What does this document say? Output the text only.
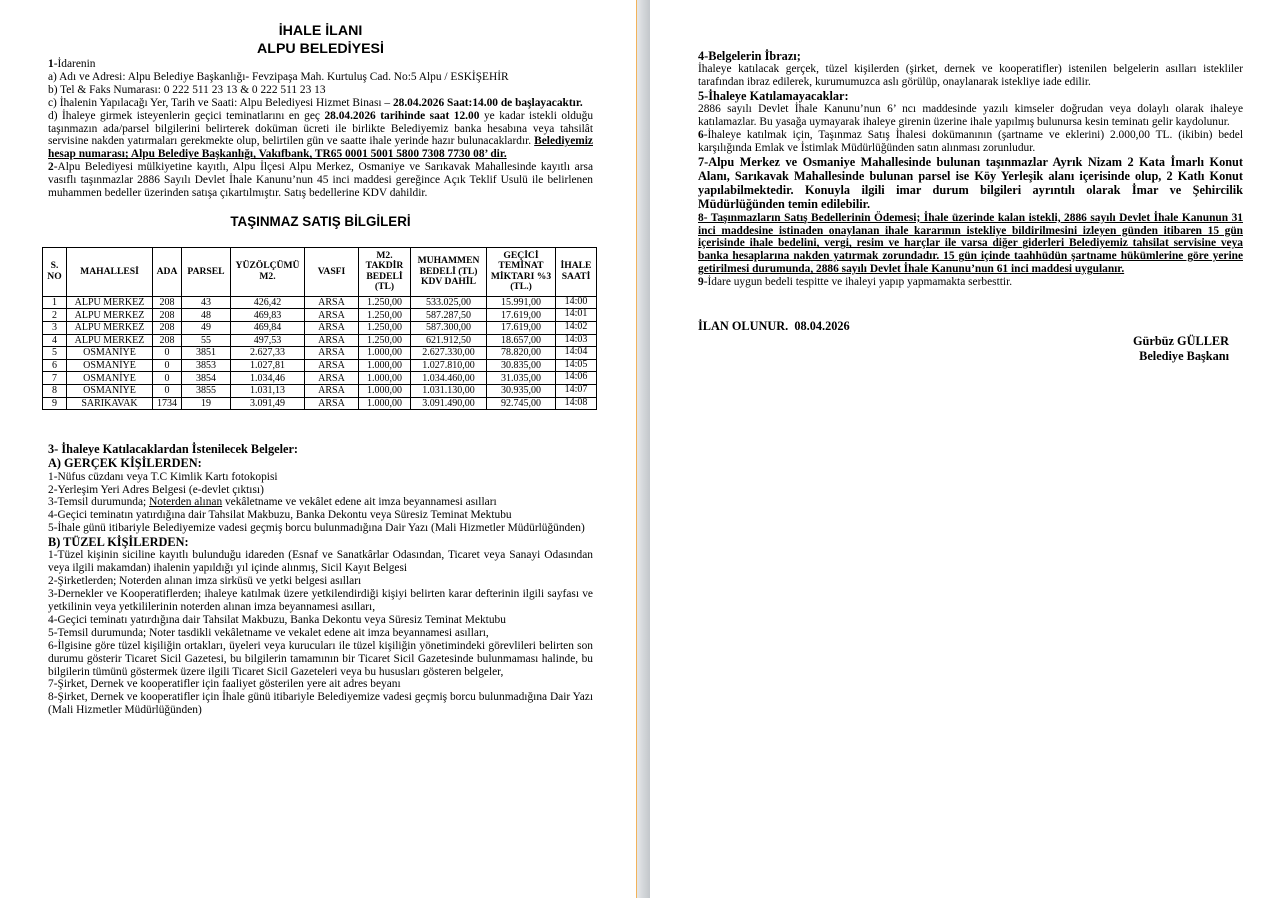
İHALE İLANI
ALPU BELEDİYESİ

1-İdarenin

a) Adı ve Adresi: Alpu Belediye Başkanlığı- Fevzipaşa Mah. Kurtuluş Cad. No:5 Alpu / ESKİŞEHİR

b) Tel & Faks Numarası: 0 222 511 23 13 & 0 222 511 23 13

c) İhalenin Yapılacağı Yer, Tarih ve Saati: Alpu Belediyesi Hizmet Binası – 28.04.2026 Saat:14.00 de başlayacaktır.

d) İhaleye girmek isteyenlerin geçici teminatlarını en geç 28.04.2026 tarihinde saat 12.00 ye kadar istekli olduğu taşınmazın ada/parsel bilgilerini belirterek doküman ücreti ile birlikte Belediyemiz banka hesabına veya tahsilât servisine nakden yatırmaları gerekmekte olup, belirtilen gün ve saatte ihale yerinde hazır bulunacaklardır. Belediyemiz hesap numarası; Alpu Belediye Başkanlığı, Vakıfbank, TR65 0001 5001 5800 7308 7730 08’ dir.

2-Alpu Belediyesi mülkiyetine kayıtlı, Alpu İlçesi Alpu Merkez, Osmaniye ve Sarıkavak Mahallesinde kayıtlı arsa vasıflı taşınmazlar 2886 Sayılı Devlet İhale Kanunu’nun 45 inci maddesi gereğince Açık Teklif Usulü ile belirlenen muhammen bedeller üzerinden satışa çıkartılmıştır. Satış bedellerine KDV dahildir.

TAŞINMAZ SATIŞ BİLGİLERİ
S. NO	MAHALLESİ	ADA	PARSEL	YÜZÖLÇÜMÜ M2.	VASFI	M2. TAKDİR BEDELİ (TL)	MUHAMMEN BEDELİ (TL) KDV DAHİL	GEÇİCİ TEMİNAT MİKTARI %3 (TL.)	İHALE SAATİ
1	ALPU MERKEZ	208	43	426,42	ARSA	1.250,00	533.025,00	15.991,00	14:00
2	ALPU MERKEZ	208	48	469,83	ARSA	1.250,00	587.287,50	17.619,00	14:01
3	ALPU MERKEZ	208	49	469,84	ARSA	1.250,00	587.300,00	17.619,00	14:02
4	ALPU MERKEZ	208	55	497,53	ARSA	1.250,00	621.912,50	18.657,00	14:03
5	OSMANİYE	0	3851	2.627,33	ARSA	1.000,00	2.627.330,00	78.820,00	14:04
6	OSMANİYE	0	3853	1.027,81	ARSA	1.000,00	1.027.810,00	30.835,00	14:05
7	OSMANİYE	0	3854	1.034,46	ARSA	1.000,00	1.034.460,00	31.035,00	14:06
8	OSMANİYE	0	3855	1.031,13	ARSA	1.000,00	1.031.130,00	30.935,00	14:07
9	SARIKAVAK	1734	19	3.091,49	ARSA	1.000,00	3.091.490,00	92.745,00	14:08

3- İhaleye Katılacaklardan İstenilecek Belgeler:

A) GERÇEK KİŞİLERDEN:

1-Nüfus cüzdanı veya T.C Kimlik Kartı fotokopisi

2-Yerleşim Yeri Adres Belgesi (e-devlet çıktısı)

3-Temsil durumunda; Noterden alınan vekâletname ve vekâlet edene ait imza beyannamesi asılları

4-Geçici teminatın yatırdığına dair Tahsilat Makbuzu, Banka Dekontu veya Süresiz Teminat Mektubu

5-İhale günü itibariyle Belediyemize vadesi geçmiş borcu bulunmadığına Dair Yazı (Mali Hizmetler Müdürlüğünden)

B) TÜZEL KİŞİLERDEN:

1-Tüzel kişinin siciline kayıtlı bulunduğu idareden (Esnaf ve Sanatkârlar Odasından, Ticaret veya Sanayi Odasından veya ilgili makamdan) ihalenin yapıldığı yıl içinde alınmış, Sicil Kayıt Belgesi

2-Şirketlerden; Noterden alınan imza sirküsü ve yetki belgesi asılları

3-Dernekler ve Kooperatiflerden; ihaleye katılmak üzere yetkilendirdiği kişiyi belirten karar defterinin ilgili sayfası ve yetkilinin veya yetkililerinin noterden alınan imza beyannamesi asılları,

4-Geçici teminatı yatırdığına dair Tahsilat Makbuzu, Banka Dekontu veya Süresiz Teminat Mektubu

5-Temsil durumunda; Noter tasdikli vekâletname ve vekalet edene ait imza beyannamesi asılları,

6-İlgisine göre tüzel kişiliğin ortakları, üyeleri veya kurucuları ile tüzel kişiliğin yönetimindeki görevlileri belirten son durumu gösterir Ticaret Sicil Gazetesi, bu bilgilerin tamamının bir Ticaret Sicil Gazetesinde bulunmaması halinde, bu bilgilerin tümünü göstermek üzere ilgili Ticaret Sicil Gazeteleri veya bu hususları gösteren belgeler,

7-Şirket, Dernek ve kooperatifler için faaliyet gösterilen yere ait adres beyanı

8-Şirket, Dernek ve kooperatifler için İhale günü itibariyle Belediyemize vadesi geçmiş borcu bulunmadığına Dair Yazı (Mali Hizmetler Müdürlüğünden)

4-Belgelerin İbrazı;

İhaleye katılacak gerçek, tüzel kişilerden (şirket, dernek ve kooperatifler) istenilen belgelerin asılları istekliler tarafından ibraz edilerek, kurumumuzca aslı görülüp, onaylanarak istekliye iade edilir.

5-İhaleye Katılamayacaklar:

2886 sayılı Devlet İhale Kanunu’nun 6’ ncı maddesinde yazılı kimseler doğrudan veya dolaylı olarak ihaleye katılamazlar. Bu yasağa uymayarak ihaleye girenin üzerine ihale yapılmış bulunursa kesin teminatı gelir kaydolunur.

6-İhaleye katılmak için, Taşınmaz Satış İhalesi dokümanının (şartname ve eklerini) 2.000,00 TL. (ikibin) bedel karşılığında Emlak ve İstimlak Müdürlüğünden satın alınması zorunludur.

7-Alpu Merkez ve Osmaniye Mahallesinde bulunan taşınmazlar Ayrık Nizam 2 Kata İmarlı Konut Alanı, Sarıkavak Mahallesinde bulunan parsel ise Köy Yerleşik alanı içerisinde olup, 2 Katlı Konut yapılabilmektedir. Konuyla ilgili imar durum bilgileri ayrıntılı olarak İmar ve Şehircilik Müdürlüğünden temin edilebilir.

8- Taşınmazların Satış Bedellerinin Ödemesi; İhale üzerinde kalan istekli, 2886 sayılı Devlet İhale Kanunun 31 inci maddesine istinaden onaylanan ihale kararının istekliye bildirilmesini izleyen günden itibaren 15 gün içerisinde ihale bedelini, vergi, resim ve harçlar ile varsa diğer giderleri Belediyemiz tahsilat servisine veya banka hesaplarına nakden yatırmak zorundadır. 15 gün içinde taahhüdün şartname hükümlerine göre yerine getirilmesi durumunda, 2886 sayılı Devlet İhale Kanunu’nun 61 inci maddesi uygulanır.

9-İdare uygun bedeli tespitte ve ihaleyi yapıp yapmamakta serbesttir.

İLAN OLUNUR.  08.04.2026

Gürbüz GÜLLER
Belediye Başkanı
